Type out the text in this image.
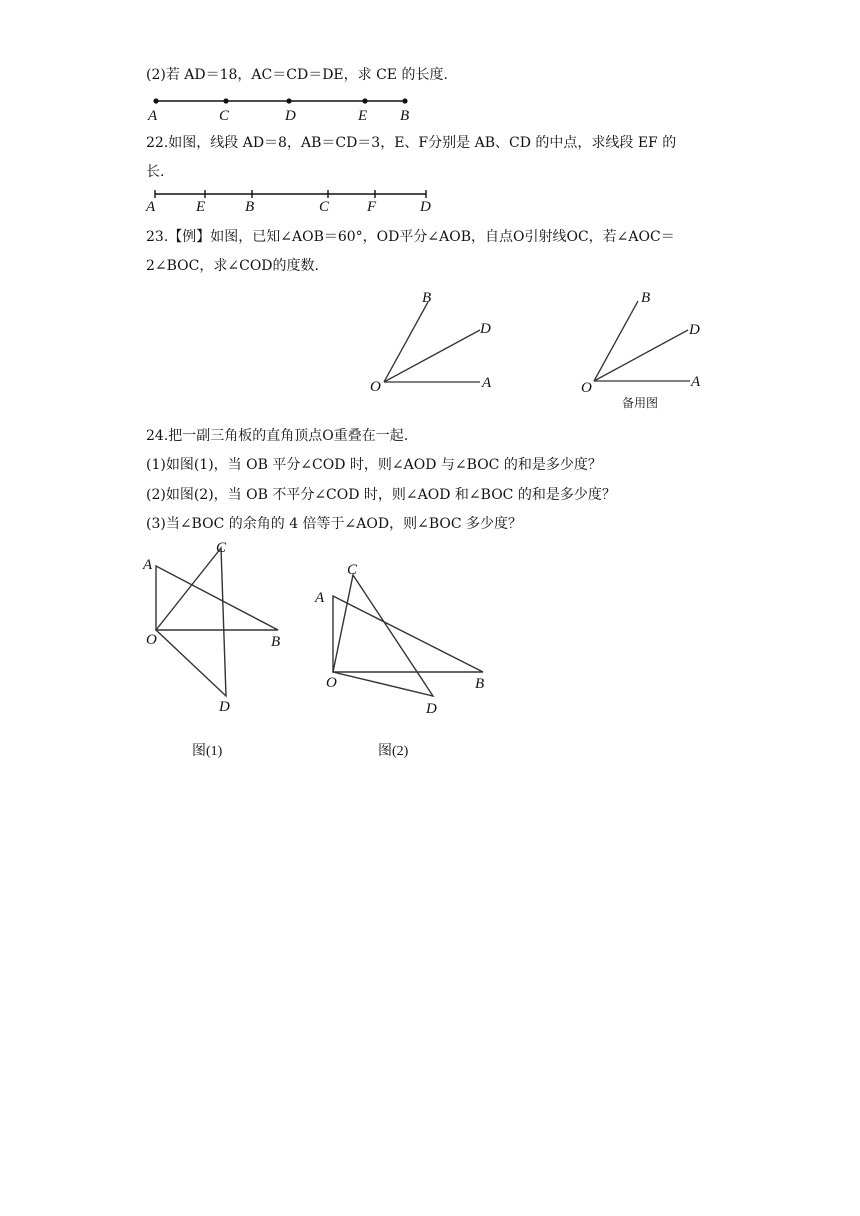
(2)若 AD＝18，AC＝CD＝DE，求 CE 的长度.
A	C	D	E B
22.如图，线段 AD＝8，AB＝CD＝3，E、F分别是 AB、CD 的中点，求线段 EF 的
长.
A	E	B	C	F	D
23.【例】如图，已知∠AOB＝60°，OD平分∠AOB，自点O引射线OC，若∠AOC＝
2∠BOC，求∠COD的度数.
O	A
B
D
O	A
B
D
备用图
24.把一副三角板的直角顶点O重叠在一起.
(1)如图(1)，当 OB 平分∠COD 时，则∠AOD 与∠BOC 的和是多少度？
(2)如图(2)，当 OB 不平分∠COD 时，则∠AOD 和∠BOC 的和是多少度？
(3)当∠BOC 的余角的 4 倍等于∠AOD，则∠BOC 多少度？
A
C
O	B
D
图(1)
A
C
O	B
D
图(2)
